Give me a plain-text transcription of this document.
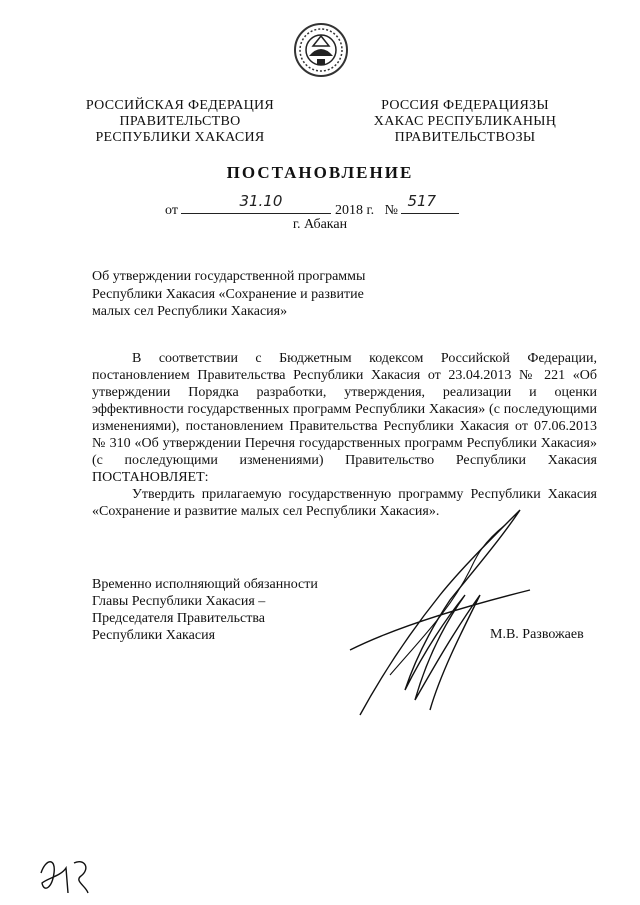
РОССИЙСКАЯ ФЕДЕРАЦИЯ
ПРАВИТЕЛЬСТВО
РЕСПУБЛИКИ ХАКАСИЯ
РОССИЯ ФЕДЕРАЦИЯЗЫ
ХАКАС РЕСПУБЛИКАНЫҢ
ПРАВИТЕЛЬСТВОЗЫ
ПОСТАНОВЛЕНИЕ
от
31.10
2018 г. №
517
г. Абакан
Об утверждении государственной программы
Республики Хакасия «Сохранение и развитие
малых сел Республики Хакасия»

В соответствии с Бюджетным кодексом Российской Федерации, постановлением Правительства Республики Хакасия от 23.04.2013 № 221 «Об утверждении Порядка разработки, утверждения, реализации и оценки эффективности государственных программ Республики Хакасия» (с последующими изменениями), постановлением Правительства Республики Хакасия от 07.06.2013 № 310 «Об утверждении Перечня государственных программ Республики Хакасия» (с последующими изменениями) Правительство Республики Хакасия ПОСТАНОВЛЯЕТ:

Утвердить прилагаемую государственную программу Республики Хакасия «Сохранение и развитие малых сел Республики Хакасия».

Временно исполняющий обязанности
Главы Республики Хакасия –
Председателя Правительства
Республики Хакасия	М.В. Развожаев
